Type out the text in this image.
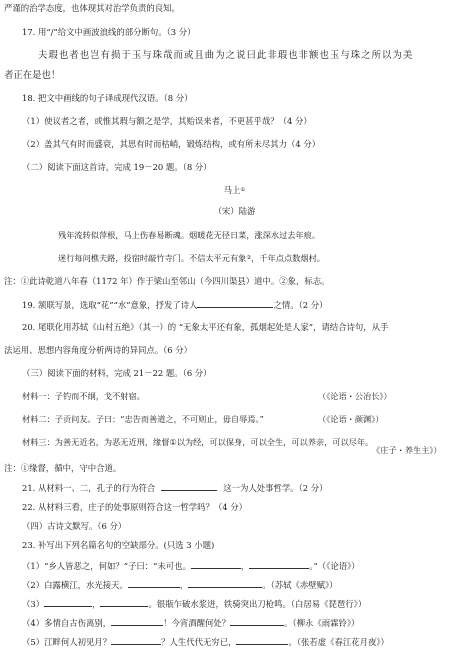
严谨的治学态度，也体现其对治学负责的良知。
17. 用“/”给文中画波浪线的部分断句。（3 分）
夫瑕也者也岂有损于玉与珠哉而或且曲为之说曰此非瑕也非额也玉与珠之所以为美
者正在是也！
18. 把文中画线的句子译成现代汉语。（8 分）
（1）使议者之者，或惟其瑕与额之是学，其贻误来者，不更甚乎哉？（4 分）
（2）盖其气有时而盛衰，其思有时而枯峭，锻炼结构，或有所未尽其力（4 分）
（二）阅读下面这首诗，完成 19－20 题。（8 分）
马上①
（宋）陆游
残年流转似萍根，马上伤春易断魂。烟暖花无径日菜，涨深水过去年痕。
迷行每问樵夫路，投宿时敲竹寺门。不信太平元有象②，千年点点数烟村。
注：①此诗乾道八年春（1172 年）作于梁山至邻山（今四川渠县）道中。②象，标志。
19. 颔联写景，选取“花”“水”意象，抒发了诗人	之情。（2 分）
20. 尾联化用苏轼《山村五绝》（其一）的 “无象太平还有象，孤烟起处是人家”，请结合诗句，从手
法运用、思想内容角度分析两诗的异同点。（6 分）
（三）阅读下面的材料，完成 21－22 题。（6 分）
材料一：子钓而不纲，戈不射宿。	（《论语・公冶长》）
材料二：子贡问友。子曰：“忠告而善道之，不可则止，毋自辱焉。”	（《论语・颜渊》）
材料三：为善无近名，为恶无近刑，缘督①以为经，可以保身，可以全生，可以养亲，可以尽年。
《庄子・养生主》）
注：①缘督，循中，守中合道。
21. 从材料一、二，孔子的行为符合	这一为人处事哲学。（2 分）
22. 从材料三看，庄子的处事原则符合这一哲学吗？（4 分）
（四）古诗文默写。（6 分）
23. 补写出下列名篇名句的空缺部分。(只选 3 小题)
（1）“乡人皆恶之，何如？”子曰：“未可也。	，	。”（《论语》）
（2）白露横江，水光接天。	，	。（苏轼《赤壁赋》）
（3）	，	。银瓶乍破水浆迸，铁骑突出刀枪鸣。（白居易《琵琶行》）
（4）多情自古伤离别，	！今宵酒醒何处？	。（柳永《雨霖铃》）
（5）江畔何人初见月？	？人生代代无穷已，	。（张若虚《春江花月夜》）
